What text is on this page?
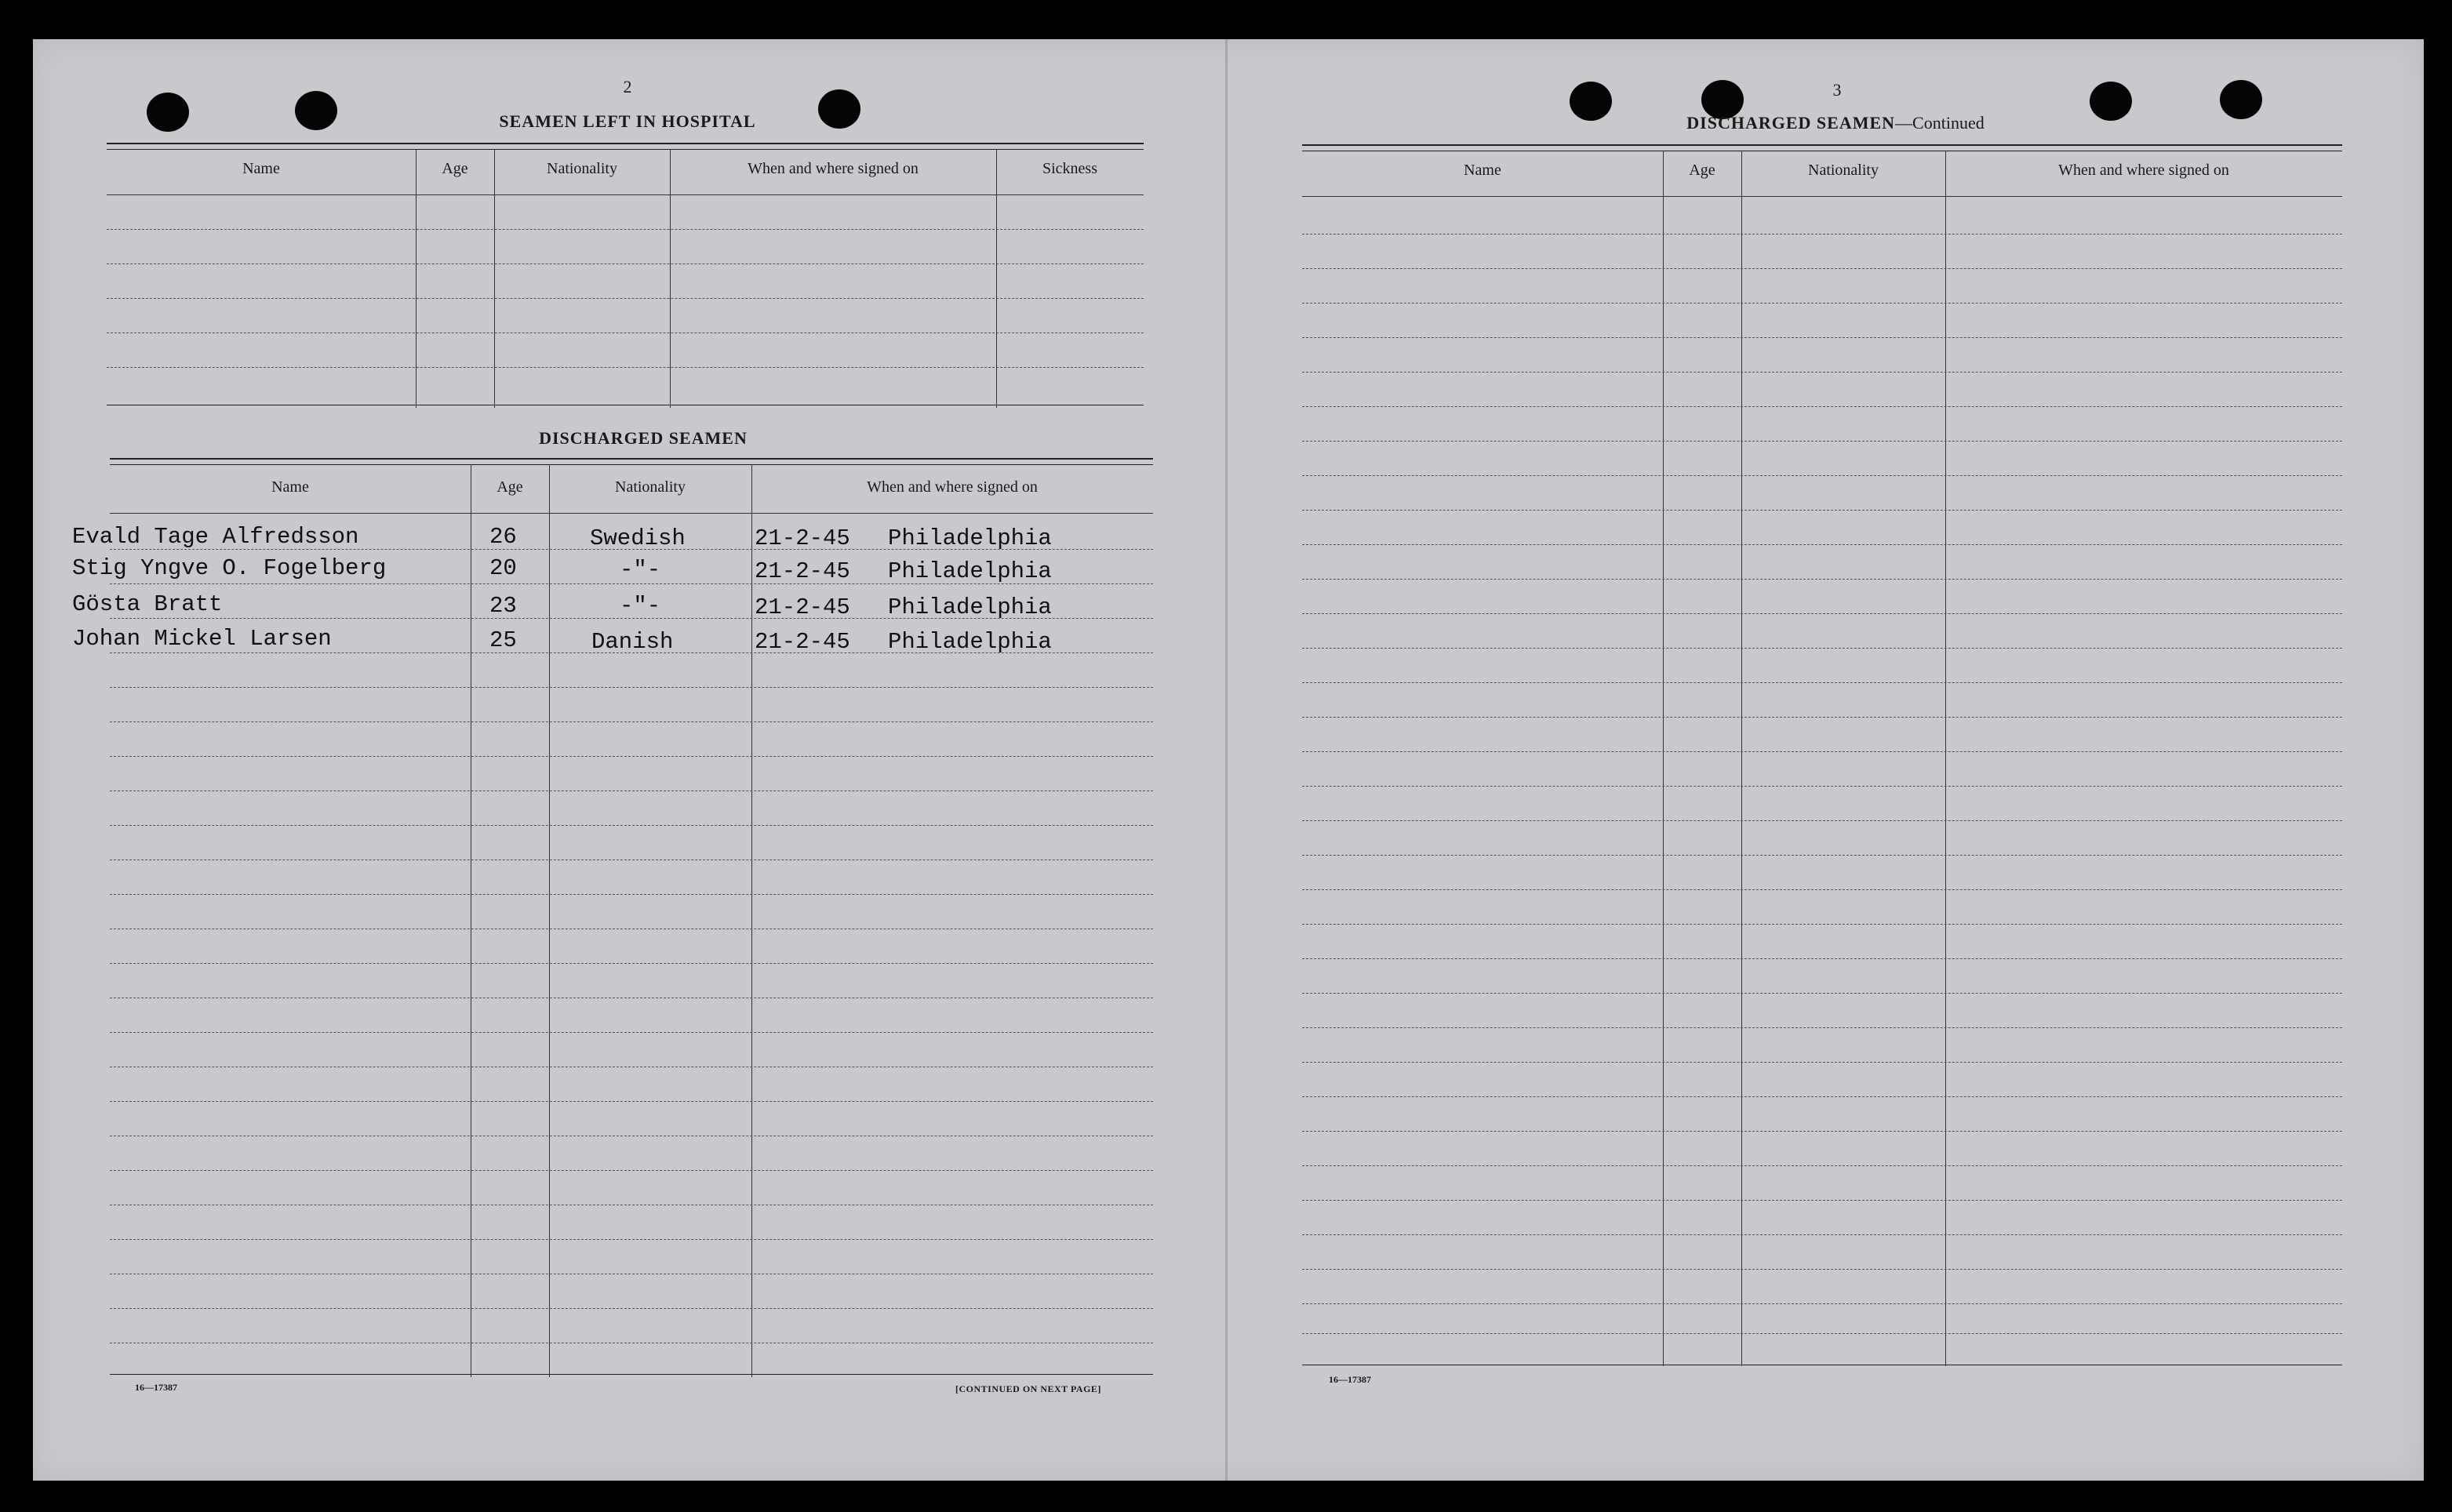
2
SEAMEN LEFT IN HOSPITAL
Name	Age	Nationality	When and where signed on	Sickness
DISCHARGED SEAMEN
Name	Age	Nationality	When and where signed on
Evald Tage Alfredsson	26	Swedish	21-2-45 Philadelphia
Stig Yngve O. Fogelberg	20	-"-	21-2-45 Philadelphia
Gösta Bratt	23	-"-	21-2-45 Philadelphia
Johan Mickel Larsen	25	Danish	21-2-45 Philadelphia
16—17387	[CONTINUED ON NEXT PAGE]
3
DISCHARGED SEAMEN—Continued
Name	Age	Nationality	When and where signed on
16—17387
